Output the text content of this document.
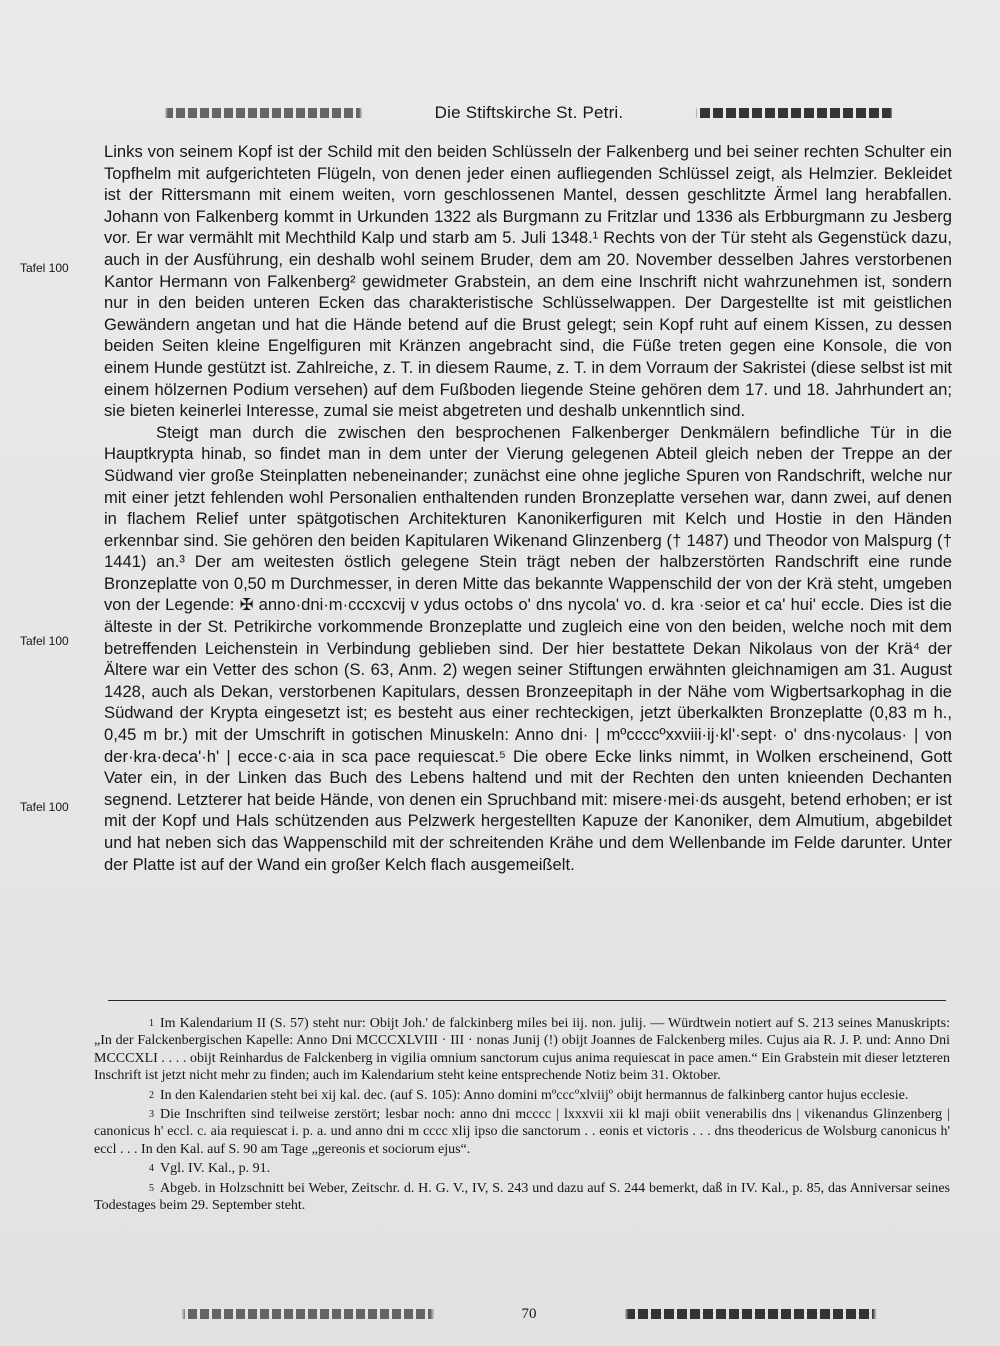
Die Stiftskirche St. Petri.
Tafel 100
Tafel 100
Tafel 100

Links von seinem Kopf ist der Schild mit den beiden Schlüsseln der Falkenberg und bei seiner rechten Schulter ein Topfhelm mit aufgerichteten Flügeln, von denen jeder einen aufliegenden Schlüssel zeigt, als Helmzier. Bekleidet ist der Rittersmann mit einem weiten, vorn geschlossenen Mantel, dessen geschlitzte Ärmel lang herabfallen. Johann von Falkenberg kommt in Urkunden 1322 als Burgmann zu Fritzlar und 1336 als Erbburgmann zu Jesberg vor. Er war vermählt mit Mechthild Kalp und starb am 5. Juli 1348.¹ Rechts von der Tür steht als Gegenstück dazu, auch in der Ausführung, ein deshalb wohl seinem Bruder, dem am 20. November desselben Jahres verstorbenen Kantor Hermann von Falkenberg² gewidmeter Grabstein, an dem eine Inschrift nicht wahrzunehmen ist, sondern nur in den beiden unteren Ecken das charakteristische Schlüsselwappen. Der Dargestellte ist mit geistlichen Gewändern angetan und hat die Hände betend auf die Brust gelegt; sein Kopf ruht auf einem Kissen, zu dessen beiden Seiten kleine Engelfiguren mit Kränzen angebracht sind, die Füße treten gegen eine Konsole, die von einem Hunde gestützt ist. Zahlreiche, z. T. in diesem Raume, z. T. in dem Vorraum der Sakristei (diese selbst ist mit einem hölzernen Podium versehen) auf dem Fußboden liegende Steine gehören dem 17. und 18. Jahrhundert an; sie bieten keinerlei Interesse, zumal sie meist abgetreten und deshalb unkenntlich sind.

Steigt man durch die zwischen den besprochenen Falkenberger Denkmälern befindliche Tür in die Hauptkrypta hinab, so findet man in dem unter der Vierung gelegenen Abteil gleich neben der Treppe an der Südwand vier große Steinplatten nebeneinander; zunächst eine ohne jegliche Spuren von Randschrift, welche nur mit einer jetzt fehlenden wohl Personalien enthaltenden runden Bronzeplatte versehen war, dann zwei, auf denen in flachem Relief unter spätgotischen Architekturen Kanonikerfiguren mit Kelch und Hostie in den Händen erkennbar sind. Sie gehören den beiden Kapitularen Wikenand Glinzenberg († 1487) und Theodor von Malspurg († 1441) an.³ Der am weitesten östlich gelegene Stein trägt neben der halbzerstörten Randschrift eine runde Bronzeplatte von 0,50 m Durchmesser, in deren Mitte das bekannte Wappenschild der von der Krä steht, umgeben von der Legende: ✠ anno·dni·m·cccxcvij v ydus octobs o' dns nycola' vo. d. kra ·seior et ca' hui' eccle. Dies ist die älteste in der St. Petrikirche vorkommende Bronzeplatte und zugleich eine von den beiden, welche noch mit dem betreffenden Leichenstein in Verbindung geblieben sind. Der hier bestattete Dekan Nikolaus von der Krä⁴ der Ältere war ein Vetter des schon (S. 63, Anm. 2) wegen seiner Stiftungen erwähnten gleichnamigen am 31. August 1428, auch als Dekan, verstorbenen Kapitulars, dessen Bronzeepitaph in der Nähe vom Wigbertsarkophag in die Südwand der Krypta eingesetzt ist; es besteht aus einer rechteckigen, jetzt überkalkten Bronzeplatte (0,83 m h., 0,45 m br.) mit der Umschrift in gotischen Minuskeln: Anno dni· | mºccccºxxviii·ij·kl'·sept· o' dns·nycolaus· | von der·kra·deca'·h' | ecce·c·aia in sca pace requiescat.⁵ Die obere Ecke links nimmt, in Wolken erscheinend, Gott Vater ein, in der Linken das Buch des Lebens haltend und mit der Rechten den unten knieenden Dechanten segnend. Letzterer hat beide Hände, von denen ein Spruchband mit: misere·mei·ds ausgeht, betend erhoben; er ist mit der Kopf und Hals schützenden aus Pelzwerk hergestellten Kapuze der Kanoniker, dem Almutium, abgebildet und hat neben sich das Wappenschild mit der schreitenden Krähe und dem Wellenbande im Felde darunter. Unter der Platte ist auf der Wand ein großer Kelch flach ausgemeißelt.

1 Im Kalendarium II (S. 57) steht nur: Obijt Joh.' de falckinberg miles bei iij. non. julij. — Würdtwein notiert auf S. 213 seines Manuskripts: „In der Falckenbergischen Kapelle: Anno Dni MCCCXLVIII · III · nonas Junij (!) obijt Joannes de Falckenberg miles. Cujus aia R. J. P. und: Anno Dni MCCCXLI . . . . obijt Reinhardus de Falckenberg in vigilia omnium sanctorum cujus anima requiescat in pace amen.“ Ein Grabstein mit dieser letzteren Inschrift ist jetzt nicht mehr zu finden; auch im Kalendarium steht keine entsprechende Notiz beim 31. Oktober.

2 In den Kalendarien steht bei xij kal. dec. (auf S. 105): Anno domini mºcccºxlviijº obijt hermannus de falkinberg cantor hujus ecclesie.

3 Die Inschriften sind teilweise zerstört; lesbar noch: anno dni mcccc | lxxxvii xii kl maji obiit venerabilis dns | vikenandus Glinzenberg | canonicus h' eccl. c. aia requiescat i. p. a. und anno dni m cccc xlij ipso die sanctorum . . eonis et victoris . . . dns theodericus de Wolsburg canonicus h' eccl . . . In den Kal. auf S. 90 am Tage „gereonis et sociorum ejus“.

4 Vgl. IV. Kal., p. 91.

5 Abgeb. in Holzschnitt bei Weber, Zeitschr. d. H. G. V., IV, S. 243 und dazu auf S. 244 bemerkt, daß in IV. Kal., p. 85, das Anniversar seines Todestages beim 29. September steht.

70
